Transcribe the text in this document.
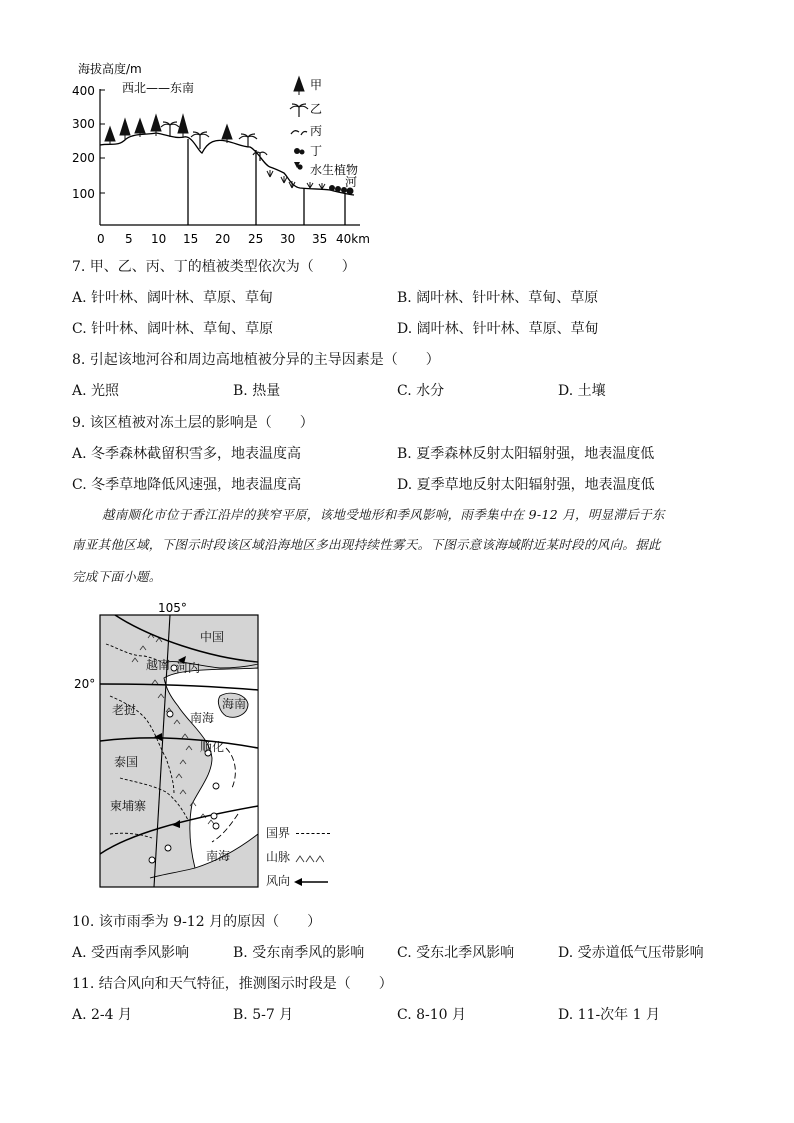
海拔高度/m
西北——东南
400
300
200
100
0 5 10 15 20 25 30 35 40km
甲
乙
丙
丁
水生植物
河
7. 甲、乙、丙、丁的植被类型依次为（　　）
A. 针叶林、阔叶林、草原、草甸	B. 阔叶林、针叶林、草甸、草原
C. 针叶林、阔叶林、草甸、草原	D. 阔叶林、针叶林、草原、草甸
8. 引起该地河谷和周边高地植被分异的主导因素是（　　）
A. 光照	B. 热量	C. 水分	D. 土壤
9. 该区植被对冻土层的影响是（　　）
A. 冬季森林截留积雪多，地表温度高	B. 夏季森林反射太阳辐射强，地表温度低
C. 冬季草地降低风速强，地表温度高	D. 夏季草地反射太阳辐射强，地表温度低
越南顺化市位于香江沿岸的狭窄平原，该地受地形和季风影响，雨季集中在 9-12 月，明显滞后于东
南亚其他区域，下图示时段该区域沿海地区多出现持续性雾天。下图示意该海域附近某时段的风向。据此
完成下面小题。
105°
20°
中国
越南 河内
老挝
南海
海南
顺化
泰国
柬埔寨
南海
国界
山脉
风向
10. 该市雨季为 9-12 月的原因（　　）
A. 受西南季风影响	B. 受东南季风的影响 C. 受东北季风影响	D. 受赤道低气压带影响
11. 结合风向和天气特征，推测图示时段是（　　）
A. 2-4 月	B. 5-7 月	C. 8-10 月	D. 11-次年 1 月
